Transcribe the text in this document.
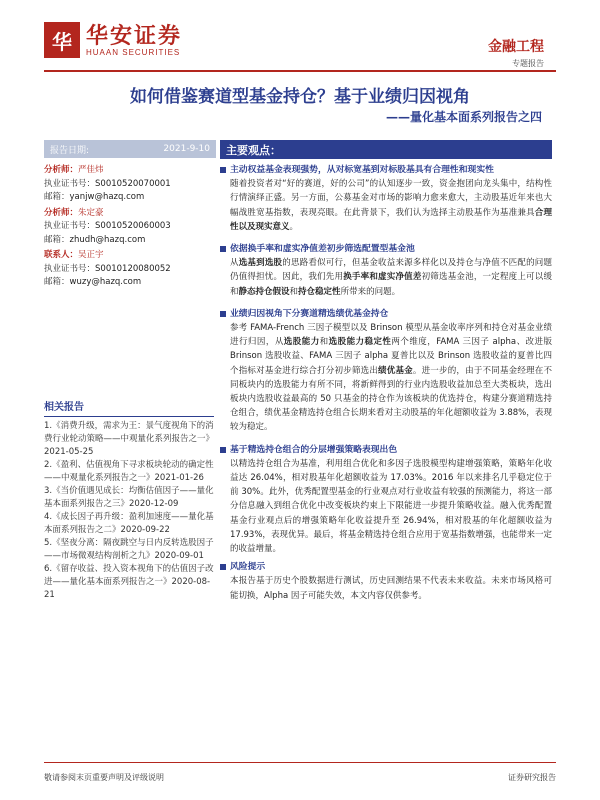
华 华安证券
HUAAN SECURITIES	金融工程
专题报告
如何借鉴赛道型基金持仓？基于业绩归因视角
——量化基本面系列报告之四
报告日期:	2021-9-10
分析师：严佳炜
执业证书号：S0010520070001
邮箱：yanjw@hazq.com
分析师：朱定豪
执业证书号：S0010520060003
邮箱：zhudh@hazq.com
联系人：吴正宇
执业证书号：S0010120080052
邮箱：wuzy@hazq.com
相关报告
1.《消费升级，需求为王：景气度视角下的消费行业轮动策略——中观量化系列报告之一》2021-05-25
2.《盈利、估值视角下寻求板块轮动的确定性——中观量化系列报告之一》2021-01-26
3.《当价值遇见成长：均衡估值因子——量化基本面系列报告之三》2020-12-09
4.《成长因子再升级：盈利加速度——量化基本面系列报告之二》2020-09-22
5.《坚夜分离：隔夜跳空与日内反转选股因子——市场微观结构剖析之九》2020-09-01
6.《留存收益、投入资本视角下的估值因子改进——量化基本面系列报告之一》2020-08-21
主要观点：
主动权益基金表现强势，从对标宽基到对标股基具有合理性和现实性
随着投资者对“好的赛道，好的公司”的认知逐步一致，资金抱团向龙头集中，结构性行情演绎正盛。另一方面，公募基金对市场的影响力愈来愈大，主动股基近年来也大幅战胜宽基指数，表现亮眼。在此背景下，我们认为选择主动股基作为基准兼具合理性以及现实意义。
依据换手率和虚实净值差初步筛选配置型基金池
从选基到选股的思路看似可行，但基金收益来源多样化以及持仓与净值不匹配的问题仍值得担忧。因此，我们先用换手率和虚实净值差初筛选基金池，一定程度上可以缓和静态持仓假设和持仓稳定性所带来的问题。
业绩归因视角下分赛道精选绩优基金持仓
参考 FAMA-French 三因子模型以及 Brinson 模型从基金收率序列和持仓对基金业绩进行归因，从选股能力和选股能力稳定性两个维度，FAMA 三因子 alpha、改进版 Brinson 选股收益、FAMA 三因子 alpha 夏普比以及 Brinson 选股收益的夏普比四个指标对基金进行综合打分初步筛选出绩优基金。进一步的，由于不同基金经理在不同板块内的选股能力有所不同，将新鲜得到的行业内选股收益加总至大类板块，选出板块内选股收益最高的 50 只基金的持仓作为该板块的优选持仓，构建分赛道精选持仓组合，绩优基金精选持仓组合长期来看对主动股基的年化超额收益为 3.88%，表现较为稳定。
基于精选持仓组合的分层增强策略表现出色
以精选持仓组合为基准，利用组合优化和多因子选股模型构建增强策略，策略年化收益达 26.04%，相对股基年化超额收益为 17.03%。2016 年以来排名几乎稳定位于前 30%。此外，优秀配置型基金的行业观点对行业收益有较强的预测能力，将这一部分信息融入到组合优化中改变板块约束上下限能进一步提升策略收益。融入优秀配置基金行业观点后的增强策略年化收益提升至 26.94%，相对股基的年化超额收益为 17.93%，表现优异。最后，将基金精选持仓组合应用于宽基指数增强，也能带来一定的收益增量。
风险提示
本报告基于历史个股数据进行测试，历史回测结果不代表未来收益。未来市场风格可能切换，Alpha 因子可能失效，本文内容仅供参考。
敬请参阅末页重要声明及评级说明	证券研究报告
